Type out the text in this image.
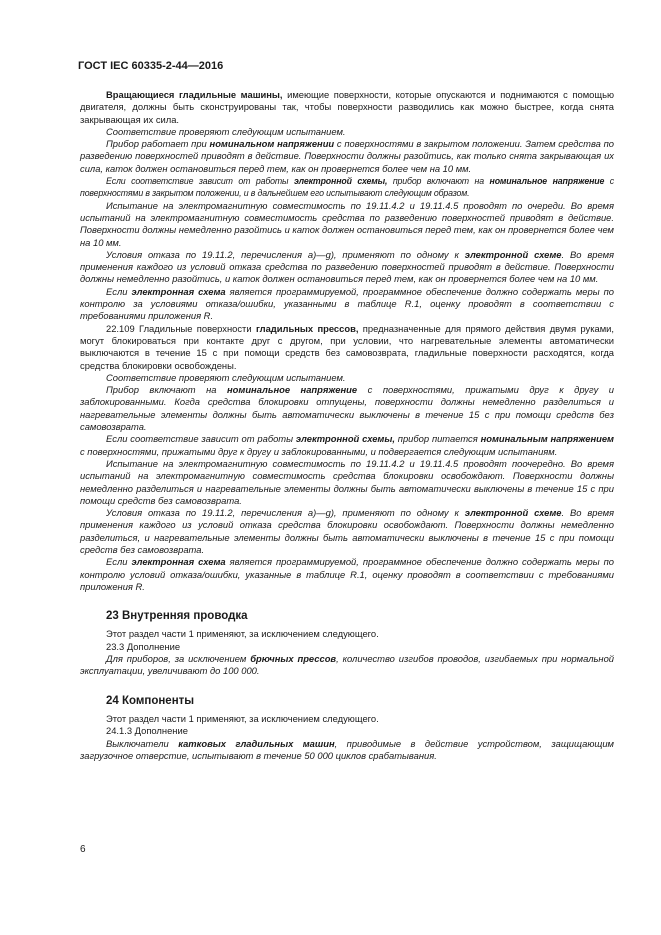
ГОСТ IEC 60335-2-44—2016

Вращающиеся гладильные машины, имеющие поверхности, которые опускаются и поднимаются с помощью двигателя, должны быть сконструированы так, чтобы поверхности разводились как можно быстрее, когда снята закрывающая их сила.

Соответствие проверяют следующим испытанием.

Прибор работает при номинальном напряжении с поверхностями в закрытом положении. Затем средства по разведению поверхностей приводят в действие. Поверхности должны разойтись, как только снята закрывающая их сила, каток должен остановиться перед тем, как он провернется более чем на 10 мм.

Если соответствие зависит от работы электронной схемы, прибор включают на номинальное напряжение с поверхностями в закрытом положении, и в дальнейшем его испытывают следующим образом.

Испытание на электромагнитную совместимость по 19.11.4.2 и 19.11.4.5 проводят по очереди. Во время испытаний на электромагнитную совместимость средства по разведению поверхностей приводят в действие. Поверхности должны немедленно разойтись и каток должен остановиться перед тем, как он провернется более чем на 10 мм.

Условия отказа по 19.11.2, перечисления a)—g), применяют по одному к электронной схеме. Во время применения каждого из условий отказа средства по разведению поверхностей приводят в действие. Поверхности должны немедленно разойтись, и каток должен остановиться перед тем, как он провернется более чем на 10 мм.

Если электронная схема является программируемой, программное обеспечение должно содержать меры по контролю за условиями отказа/ошибки, указанными в таблице R.1, оценку проводят в соответствии с требованиями приложения R.

22.109 Гладильные поверхности гладильных прессов, предназначенные для прямого действия двумя руками, могут блокироваться при контакте друг с другом, при условии, что нагревательные элементы автоматически выключаются в течение 15 с при помощи средств без самовозврата, гладильные поверхности расходятся, когда средства блокировки освобождены.

Соответствие проверяют следующим испытанием.

Прибор включают на номинальное напряжение с поверхностями, прижатыми друг к другу и заблокированными. Когда средства блокировки отпущены, поверхности должны немедленно разделиться и нагревательные элементы должны быть автоматически выключены в течение 15 с при помощи средств без самовозврата.

Если соответствие зависит от работы электронной схемы, прибор питается номинальным напряжением с поверхностями, прижатыми друг к другу и заблокированными, и подвергается следующим испытаниям.

Испытание на электромагнитную совместимость по 19.11.4.2 и 19.11.4.5 проводят поочередно. Во время испытаний на электромагнитную совместимость средства блокировки освобождают. Поверхности должны немедленно разделиться и нагревательные элементы должны быть автоматически выключены в течение 15 с при помощи средств без самовозврата.

Условия отказа по 19.11.2, перечисления a)—g), применяют по одному к электронной схеме. Во время применения каждого из условий отказа средства блокировки освобождают. Поверхности должны немедленно разделиться, и нагревательные элементы должны быть автоматически выключены в течение 15 с при помощи средств без самовозврата.

Если электронная схема является программируемой, программное обеспечение должно содержать меры по контролю условий отказа/ошибки, указанные в таблице R.1, оценку проводят в соответствии с требованиями приложения R.

23 Внутренняя проводка

Этот раздел части 1 применяют, за исключением следующего.

23.3 Дополнение

Для приборов, за исключением брючных прессов, количество изгибов проводов, изгибаемых при нормальной эксплуатации, увеличивают до 100 000.

24 Компоненты

Этот раздел части 1 применяют, за исключением следующего.

24.1.3 Дополнение

Выключатели катковых гладильных машин, приводимые в действие устройством, защищающим загрузочное отверстие, испытывают в течение 50 000 циклов срабатывания.

6
